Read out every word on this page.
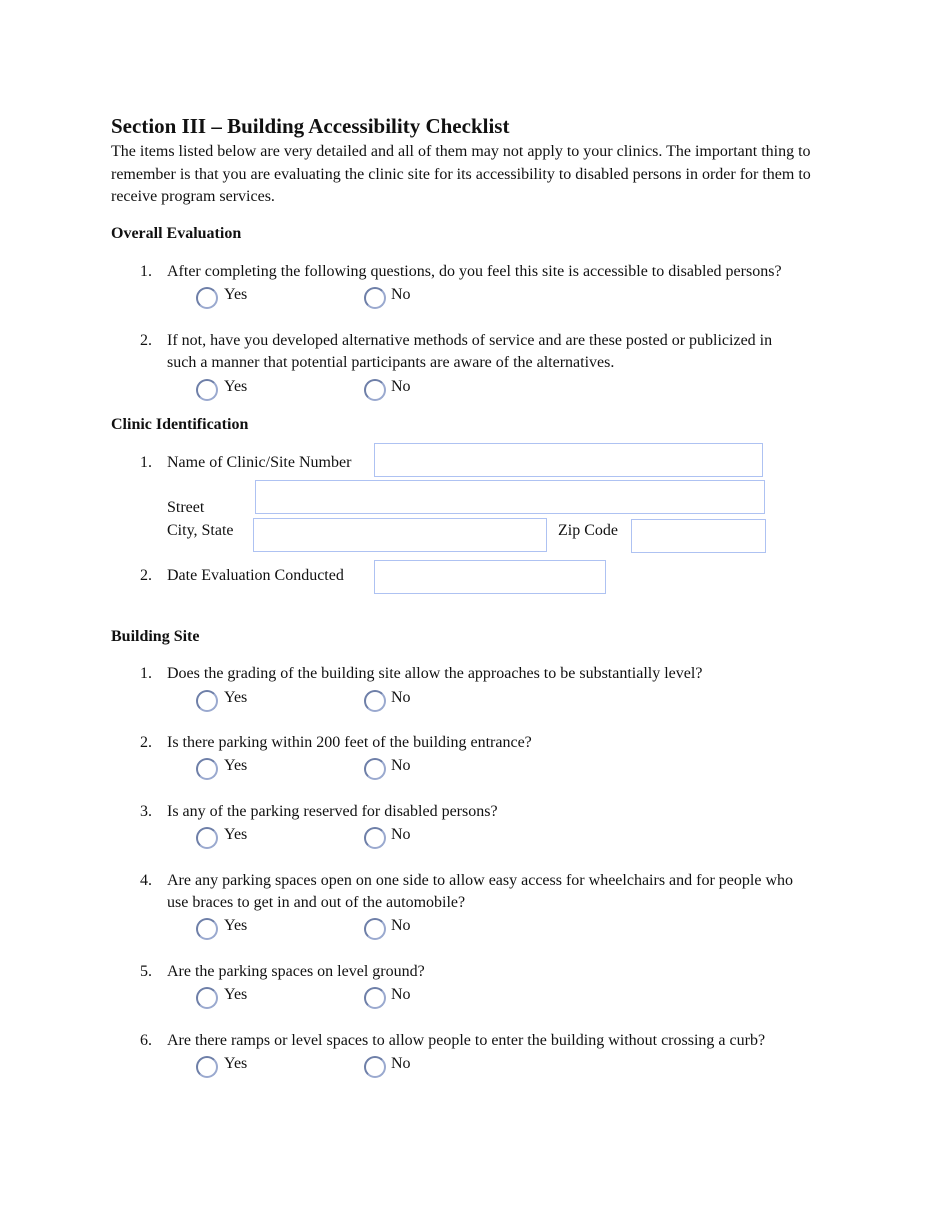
Section III – Building Accessibility Checklist
The items listed below are very detailed and all of them may not apply to your clinics. The important thing to remember is that you are evaluating the clinic site for its accessibility to disabled persons in order for them to receive program services.
Overall Evaluation
1. After completing the following questions, do you feel this site is accessible to disabled persons?
Yes	No
2. If not, have you developed alternative methods of service and are these posted or publicized in
such a manner that potential participants are aware of the alternatives.
Yes	No
Clinic Identification
1. Name of Clinic/Site Number
Street
City, State	Zip Code
2. Date Evaluation Conducted
Building Site
1. Does the grading of the building site allow the approaches to be substantially level?
Yes	No
2. Is there parking within 200 feet of the building entrance?
Yes	No
3. Is any of the parking reserved for disabled persons?
Yes	No
4. Are any parking spaces open on one side to allow easy access for wheelchairs and for people who
use braces to get in and out of the automobile?
Yes	No
5. Are the parking spaces on level ground?
Yes	No
6. Are there ramps or level spaces to allow people to enter the building without crossing a curb?
Yes	No
